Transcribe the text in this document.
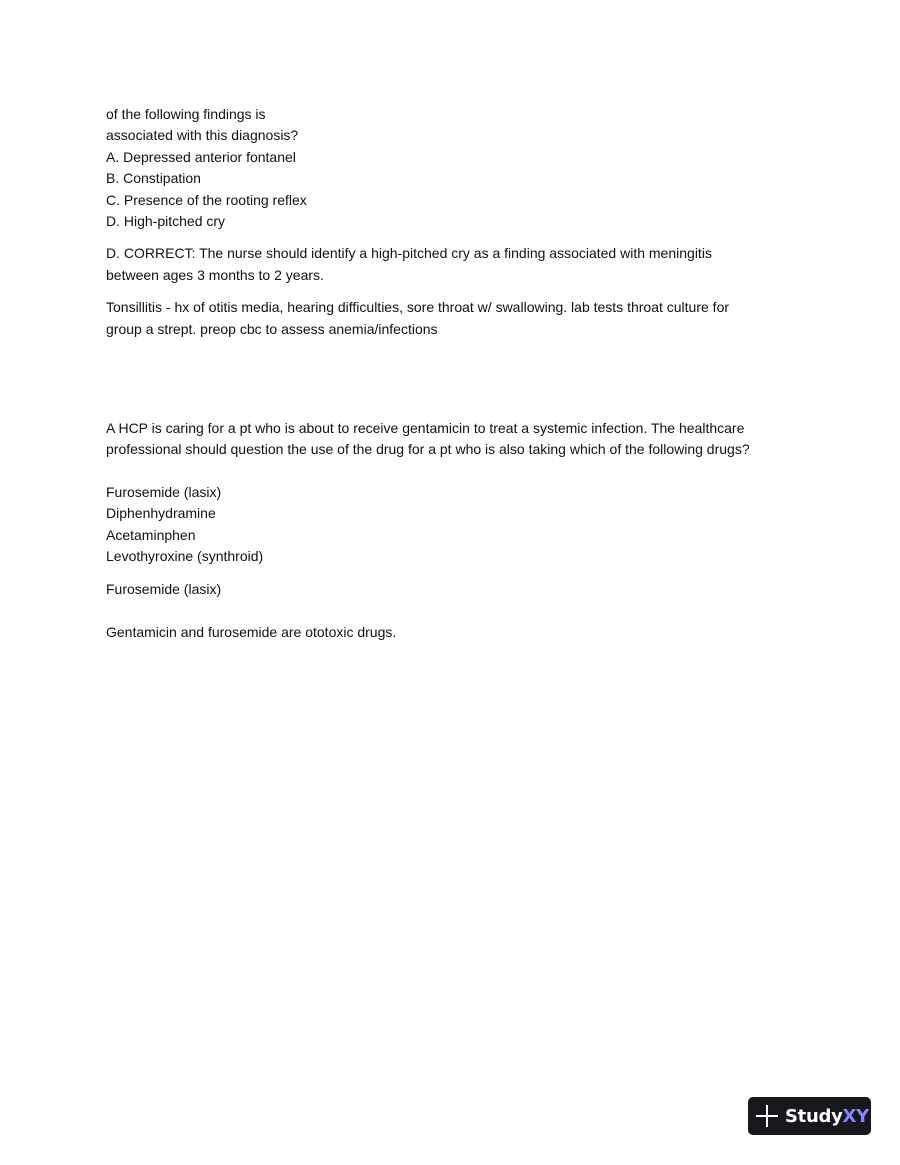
of the following findings is
associated with this diagnosis?
A. Depressed anterior fontanel
B. Constipation
C. Presence of the rooting reflex
D. High-pitched cry
D. CORRECT: The nurse should identify a high-pitched cry as a finding associated with meningitis
between ages 3 months to 2 years.
Tonsillitis - hx of otitis media, hearing difficulties, sore throat w/ swallowing. lab tests throat culture for
group a strept. preop cbc to assess anemia/infections
A HCP is caring for a pt who is about to receive gentamicin to treat a systemic infection. The healthcare
professional should question the use of the drug for a pt who is also taking which of the following drugs?
Furosemide (lasix)
Diphenhydramine
Acetaminphen
Levothyroxine (synthroid)
Furosemide (lasix)
Gentamicin and furosemide are ototoxic drugs.
StudyXY
